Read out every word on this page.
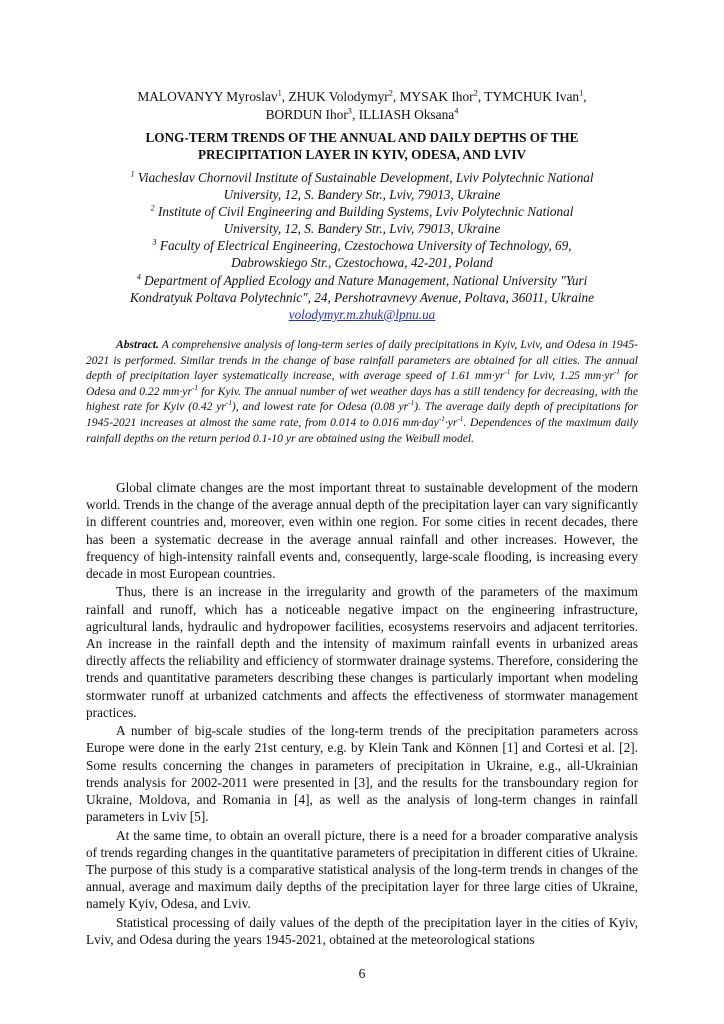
MALOVANYY Myroslav$^1$, ZHUK Volodymyr$^2$, MYSAK Ihor$^2$, TYMCHUK Ivan$^1$,
BORDUN Ihor$^3$, ILLIASH Oksana$^4$
LONG-TERM TRENDS OF THE ANNUAL AND DAILY DEPTHS OF THE
PRECIPITATION LAYER IN KYIV, ODESA, AND LVIV
$^1$ Viacheslav Chornovil Institute of Sustainable Development, Lviv Polytechnic National
University, 12, S. Bandery Str., Lviv, 79013, Ukraine
$^2$ Institute of Civil Engineering and Building Systems, Lviv Polytechnic National
University, 12, S. Bandery Str., Lviv, 79013, Ukraine
$^3$ Faculty of Electrical Engineering, Czestochowa University of Technology, 69,
Dabrowskiego Str., Czestochowa, 42-201, Poland
$^4$ Department of Applied Ecology and Nature Management, National University "Yuri
Kondratyuk Poltava Polytechnic", 24, Pershotravnevy Avenue, Poltava, 36011, Ukraine
volodymyr.m.zhuk@lpnu.ua
Abstract. A comprehensive analysis of long-term series of daily precipitations in Kyiv, Lviv, and Odesa in 1945-2021 is performed. Similar trends in the change of base rainfall parameters are obtained for all cities. The annual depth of precipitation layer systematically increase, with average speed of 1.61 $mm\cdot yr^{-1}$ for Lviv, 1.25 $mm\cdot yr^{-1}$ for Odesa and 0.22 $mm\cdot yr^{-1}$ for Kyiv. The annual number of wet weather days has a still tendency for decreasing, with the highest rate for Kyiv (0.42 $yr^{-1}$), and lowest rate for Odesa (0.08 $yr^{-1}$). The average daily depth of precipitations for 1945-2021 increases at almost the same rate, from 0.014 to 0.016 $mm\cdot day^{-1}\cdot yr^{-1}$. Dependences of the maximum daily rainfall depths on the return period 0.1-10 yr are obtained using the Weibull model.

Global climate changes are the most important threat to sustainable development of the modern world. Trends in the change of the average annual depth of the precipitation layer can vary significantly in different countries and, moreover, even within one region. For some cities in recent decades, there has been a systematic decrease in the average annual rainfall and other increases. However, the frequency of high-intensity rainfall events and, consequently, large-scale flooding, is increasing every decade in most European countries.

Thus, there is an increase in the irregularity and growth of the parameters of the maximum rainfall and runoff, which has a noticeable negative impact on the engineering infrastructure, agricultural lands, hydraulic and hydropower facilities, ecosystems reservoirs and adjacent territories. An increase in the rainfall depth and the intensity of maximum rainfall events in urbanized areas directly affects the reliability and efficiency of stormwater drainage systems. Therefore, considering the trends and quantitative parameters describing these changes is particularly important when modeling stormwater runoff at urbanized catchments and affects the effectiveness of stormwater management practices.

A number of big-scale studies of the long-term trends of the precipitation parameters across Europe were done in the early 21st century, e.g. by Klein Tank and Können [1] and Cortesi et al. [2]. Some results concerning the changes in parameters of precipitation in Ukraine, e.g., all-Ukrainian trends analysis for 2002-2011 were presented in [3], and the results for the transboundary region for Ukraine, Moldova, and Romania in [4], as well as the analysis of long-term changes in rainfall parameters in Lviv [5].

At the same time, to obtain an overall picture, there is a need for a broader comparative analysis of trends regarding changes in the quantitative parameters of precipitation in different cities of Ukraine. The purpose of this study is a comparative statistical analysis of the long-term trends in changes of the annual, average and maximum daily depths of the precipitation layer for three large cities of Ukraine, namely Kyiv, Odesa, and Lviv.

Statistical processing of daily values of the depth of the precipitation layer in the cities of Kyiv, Lviv, and Odesa during the years 1945-2021, obtained at the meteorological stations

6
